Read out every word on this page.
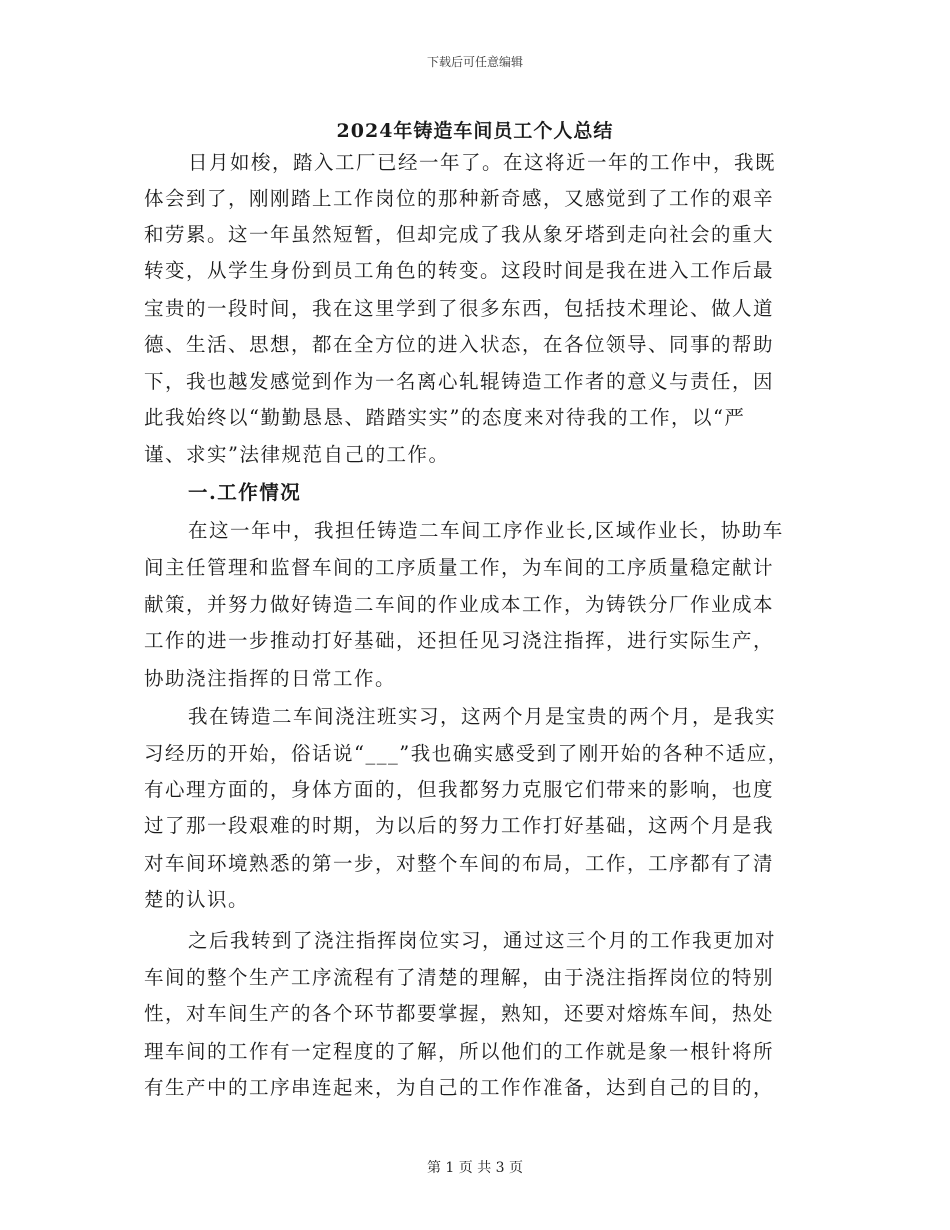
下载后可任意编辑
2024年铸造车间员工个人总结
日月如梭，踏入工厂已经一年了。在这将近一年的工作中，我既
体会到了，刚刚踏上工作岗位的那种新奇感，又感觉到了工作的艰辛
和劳累。这一年虽然短暂，但却完成了我从象牙塔到走向社会的重大
转变，从学生身份到员工角色的转变。这段时间是我在进入工作后最
宝贵的一段时间，我在这里学到了很多东西，包括技术理论、做人道
德、生活、思想，都在全方位的进入状态，在各位领导、同事的帮助
下，我也越发感觉到作为一名离心轧辊铸造工作者的意义与责任，因
此我始终以“勤勤恳恳、踏踏实实”的态度来对待我的工作，以“严
谨、求实”法律规范自己的工作。
一.工作情况
在这一年中，我担任铸造二车间工序作业长,区域作业长，协助车
间主任管理和监督车间的工序质量工作，为车间的工序质量稳定献计
献策，并努力做好铸造二车间的作业成本工作，为铸铁分厂作业成本
工作的进一步推动打好基础，还担任见习浇注指挥，进行实际生产，
协助浇注指挥的日常工作。
我在铸造二车间浇注班实习，这两个月是宝贵的两个月，是我实
习经历的开始，俗话说“___”我也确实感受到了刚开始的各种不适应，
有心理方面的，身体方面的，但我都努力克服它们带来的影响，也度
过了那一段艰难的时期，为以后的努力工作打好基础，这两个月是我
对车间环境熟悉的第一步，对整个车间的布局，工作，工序都有了清
楚的认识。
之后我转到了浇注指挥岗位实习，通过这三个月的工作我更加对
车间的整个生产工序流程有了清楚的理解，由于浇注指挥岗位的特别
性，对车间生产的各个环节都要掌握，熟知，还要对熔炼车间，热处
理车间的工作有一定程度的了解，所以他们的工作就是象一根针将所
有生产中的工序串连起来，为自己的工作作准备，达到自己的目的，
第 1 页 共 3 页
